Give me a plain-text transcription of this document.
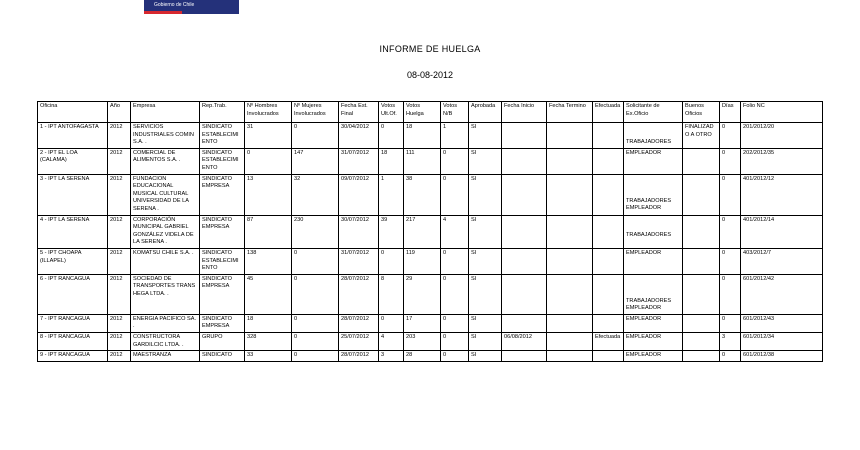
Gobierno de Chile
INFORME DE HUELGA
08-08-2012
Oficina	Año	Empresa	Rep.Trab.	Nº Hombres Involucrados	Nº Mujeres Involucrados	Fecha Est. Final	Votos Ult.Of.	Votos Huelga	Votos N/B	Aprobada	Fecha Inicio	Fecha Termino	Efectuada	Solicitante de Ex.Oficio	Buenos Oficios	Días	Folio NC
1 - IPT ANTOFAGASTA	2012	SERVICIOS INDUSTRIALES COMIN S.A. .	SINDICATO ESTABLECIMIENTO	31	0	30/04/2012	0	18	1	SI				TRABAJADORES	FINALIZADO A OTRO	0	201/2012/20
2 - IPT EL LOA (CALAMA)	2012	COMERCIAL DE ALIMENTOS S.A. .	SINDICATO ESTABLECIMIENTO	0	147	31/07/2012	18	111	0	SI				EMPLEADOR		0	202/2012/35
3 - IPT LA SERENA	2012	FUNDACION EDUCACIONAL MUSICAL CULTURAL UNIVERSIDAD DE LA SERENA .	SINDICATO EMPRESA	13	32	09/07/2012	1	38	0	SI				TRABAJADORES EMPLEADOR		0	401/2012/12
4 - IPT LA SERENA	2012	CORPORACIÓN MUNICIPAL GABRIEL GONZÁLEZ VIDELA DE LA SERENA .	SINDICATO EMPRESA	87	230	30/07/2012	39	217	4	SI				TRABAJADORES		0	401/2012/14
5 - IPT CHOAPA (ILLAPEL)	2012	KOMATSU CHILE S.A. .	SINDICATO ESTABLECIMIENTO	138	0	31/07/2012	0	119	0	SI				EMPLEADOR		0	403/2012/7
6 - IPT RANCAGUA	2012	SOCIEDAD DE TRANSPORTES TRANS HEGA LTDA. .	SINDICATO EMPRESA	45	0	28/07/2012	8	29	0	SI				TRABAJADORES EMPLEADOR		0	601/2012/42
7 - IPT RANCAGUA	2012	ENERGIA PACIFICO SA. .	SINDICATO EMPRESA	18	0	28/07/2012	0	17	0	SI				EMPLEADOR		0	601/2012/43
8 - IPT RANCAGUA	2012	CONSTRUCTORA GARDILCIC LTDA. .	GRUPO	328	0	25/07/2012	4	203	0	SI	06/08/2012		Efectuada	EMPLEADOR		3	601/2012/34
9 - IPT RANCAGUA	2012	MAESTRANZA	SINDICATO	33	0	28/07/2012	3	28	0	SI				EMPLEADOR		0	601/2012/38
